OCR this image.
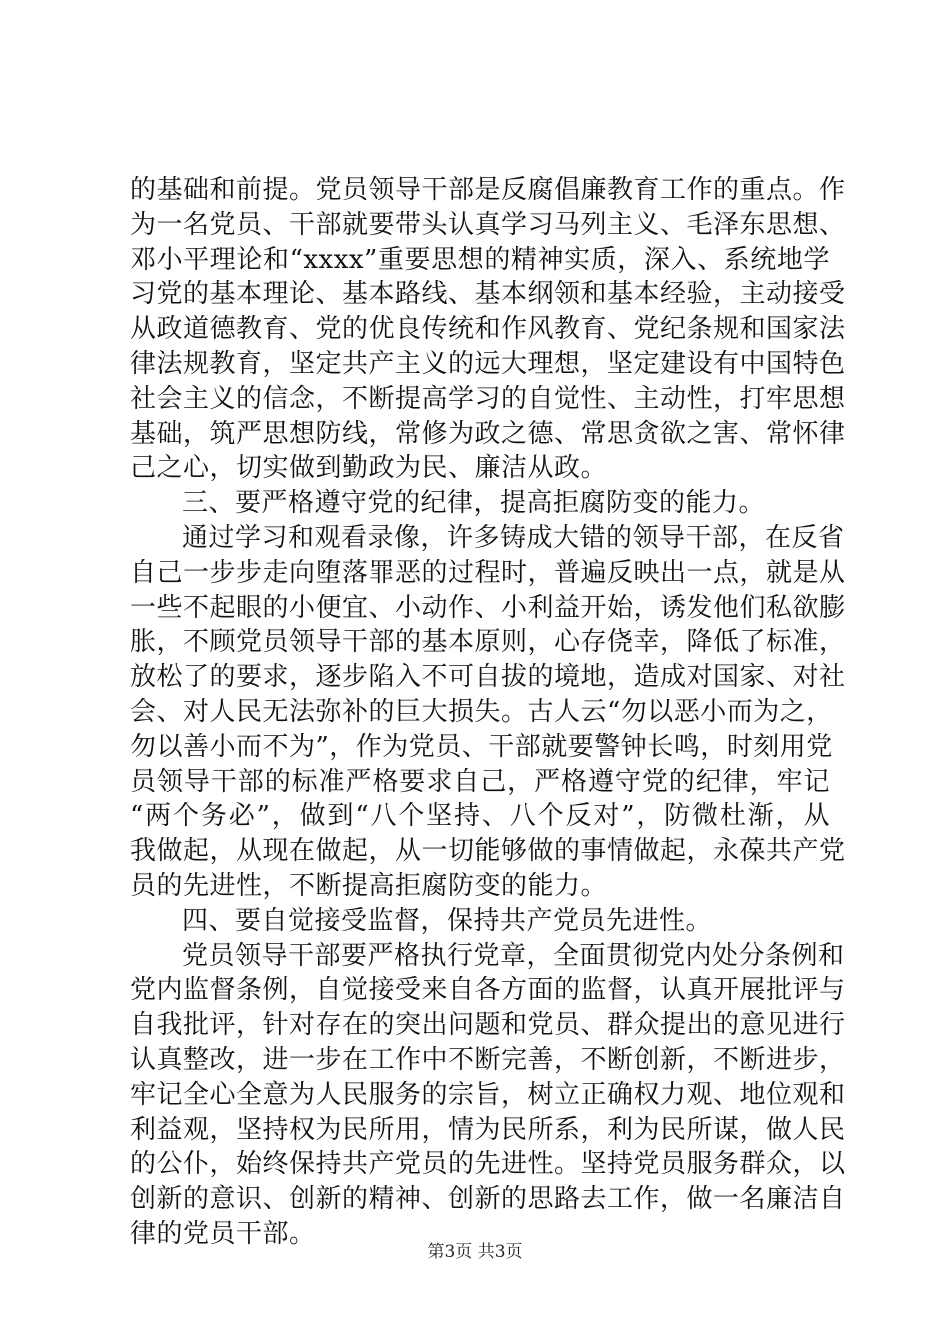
的基础和前提。党员领导干部是反腐倡廉教育工作的重点。作
为一名党员、干部就要带头认真学习马列主义、毛泽东思想、
邓小平理论和“xxxx”重要思想的精神实质，深入、系统地学
习党的基本理论、基本路线、基本纲领和基本经验，主动接受
从政道德教育、党的优良传统和作风教育、党纪条规和国家法
律法规教育，坚定共产主义的远大理想，坚定建设有中国特色
社会主义的信念，不断提高学习的自觉性、主动性，打牢思想
基础，筑严思想防线，常修为政之德、常思贪欲之害、常怀律
己之心，切实做到勤政为民、廉洁从政。
三、要严格遵守党的纪律，提高拒腐防变的能力。
通过学习和观看录像，许多铸成大错的领导干部，在反省
自己一步步走向堕落罪恶的过程时，普遍反映出一点，就是从
一些不起眼的小便宜、小动作、小利益开始，诱发他们私欲膨
胀，不顾党员领导干部的基本原则，心存侥幸，降低了标准，
放松了的要求，逐步陷入不可自拔的境地，造成对国家、对社
会、对人民无法弥补的巨大损失。古人云“勿以恶小而为之，
勿以善小而不为”，作为党员、干部就要警钟长鸣，时刻用党
员领导干部的标准严格要求自己，严格遵守党的纪律，牢记
“两个务必”，做到“八个坚持、八个反对”，防微杜渐，从
我做起，从现在做起，从一切能够做的事情做起，永葆共产党
员的先进性，不断提高拒腐防变的能力。
四、要自觉接受监督，保持共产党员先进性。
党员领导干部要严格执行党章，全面贯彻党内处分条例和
党内监督条例，自觉接受来自各方面的监督，认真开展批评与
自我批评，针对存在的突出问题和党员、群众提出的意见进行
认真整改，进一步在工作中不断完善，不断创新，不断进步，
牢记全心全意为人民服务的宗旨，树立正确权力观、地位观和
利益观，坚持权为民所用，情为民所系，利为民所谋，做人民
的公仆，始终保持共产党员的先进性。坚持党员服务群众，以
创新的意识、创新的精神、创新的思路去工作，做一名廉洁自
律的党员干部。
第3页 共3页
